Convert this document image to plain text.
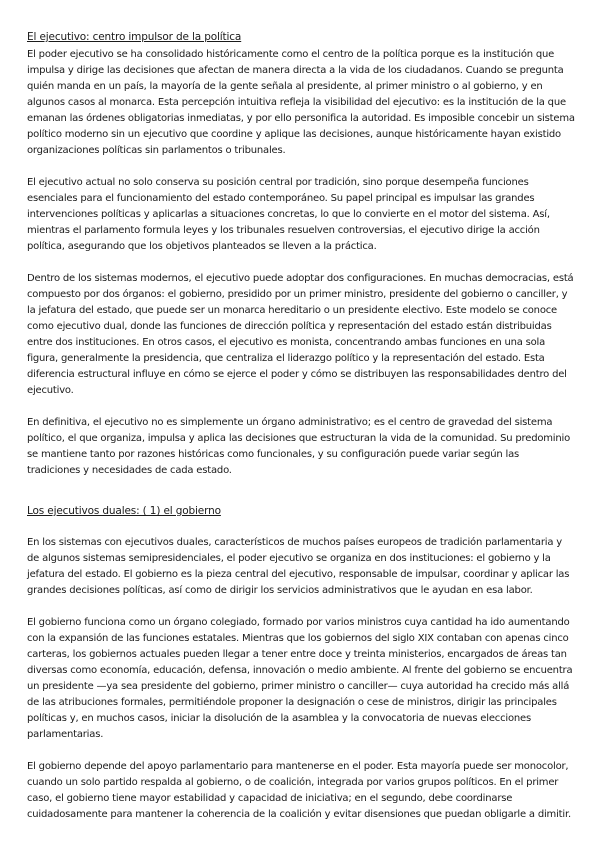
El ejecutivo: centro impulsor de la política

El poder ejecutivo se ha consolidado históricamente como el centro de la política porque es la institución que impulsa y dirige las decisiones que afectan de manera directa a la vida de los ciudadanos. Cuando se pregunta quién manda en un país, la mayoría de la gente señala al presidente, al primer ministro o al gobierno, y en algunos casos al monarca. Esta percepción intuitiva refleja la visibilidad del ejecutivo: es la institución de la que emanan las órdenes obligatorias inmediatas, y por ello personifica la autoridad. Es imposible concebir un sistema político moderno sin un ejecutivo que coordine y aplique las decisiones, aunque históricamente hayan existido organizaciones políticas sin parlamentos o tribunales.

El ejecutivo actual no solo conserva su posición central por tradición, sino porque desempeña funciones esenciales para el funcionamiento del estado contemporáneo. Su papel principal es impulsar las grandes intervenciones políticas y aplicarlas a situaciones concretas, lo que lo convierte en el motor del sistema. Así, mientras el parlamento formula leyes y los tribunales resuelven controversias, el ejecutivo dirige la acción política, asegurando que los objetivos planteados se lleven a la práctica.

Dentro de los sistemas modernos, el ejecutivo puede adoptar dos configuraciones. En muchas democracias, está compuesto por dos órganos: el gobierno, presidido por un primer ministro, presidente del gobierno o canciller, y la jefatura del estado, que puede ser un monarca hereditario o un presidente electivo. Este modelo se conoce como ejecutivo dual, donde las funciones de dirección política y representación del estado están distribuidas entre dos instituciones. En otros casos, el ejecutivo es monista, concentrando ambas funciones en una sola figura, generalmente la presidencia, que centraliza el liderazgo político y la representación del estado. Esta diferencia estructural influye en cómo se ejerce el poder y cómo se distribuyen las responsabilidades dentro del ejecutivo.

En definitiva, el ejecutivo no es simplemente un órgano administrativo; es el centro de gravedad del sistema político, el que organiza, impulsa y aplica las decisiones que estructuran la vida de la comunidad. Su predominio se mantiene tanto por razones históricas como funcionales, y su configuración puede variar según las tradiciones y necesidades de cada estado.

Los ejecutivos duales: ( 1) el gobierno

En los sistemas con ejecutivos duales, característicos de muchos países europeos de tradición parlamentaria y de algunos sistemas semipresidenciales, el poder ejecutivo se organiza en dos instituciones: el gobierno y la jefatura del estado. El gobierno es la pieza central del ejecutivo, responsable de impulsar, coordinar y aplicar las grandes decisiones políticas, así como de dirigir los servicios administrativos que le ayudan en esa labor.

El gobierno funciona como un órgano colegiado, formado por varios ministros cuya cantidad ha ido aumentando con la expansión de las funciones estatales. Mientras que los gobiernos del siglo XIX contaban con apenas cinco carteras, los gobiernos actuales pueden llegar a tener entre doce y treinta ministerios, encargados de áreas tan diversas como economía, educación, defensa, innovación o medio ambiente. Al frente del gobierno se encuentra un presidente —ya sea presidente del gobierno, primer ministro o canciller— cuya autoridad ha crecido más allá de las atribuciones formales, permitiéndole proponer la designación o cese de ministros, dirigir las principales políticas y, en muchos casos, iniciar la disolución de la asamblea y la convocatoria de nuevas elecciones parlamentarias.

El gobierno depende del apoyo parlamentario para mantenerse en el poder. Esta mayoría puede ser monocolor, cuando un solo partido respalda al gobierno, o de coalición, integrada por varios grupos políticos. En el primer caso, el gobierno tiene mayor estabilidad y capacidad de iniciativa; en el segundo, debe coordinarse cuidadosamente para mantener la coherencia de la coalición y evitar disensiones que puedan obligarle a dimitir.
